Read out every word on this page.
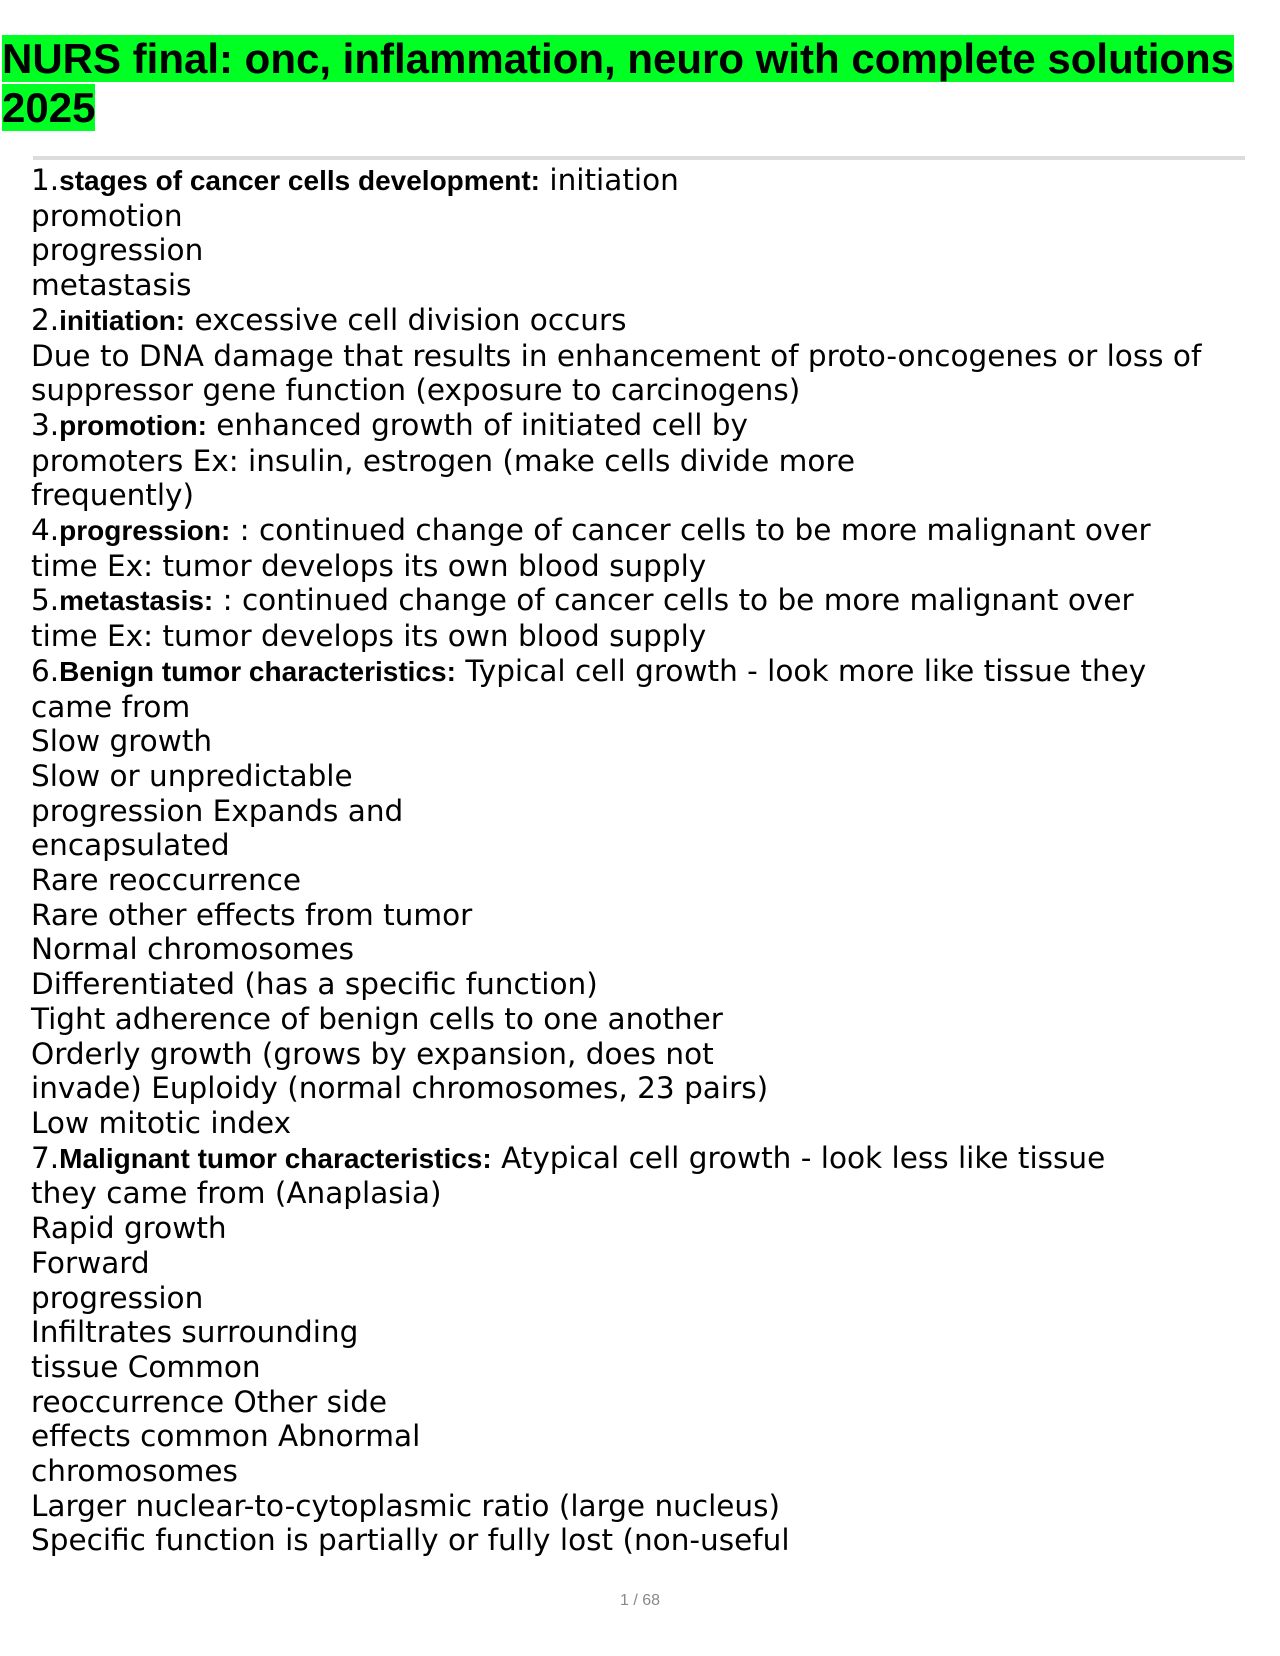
NURS final: onc, inflammation, neuro with complete solutions 2025
1.stages of cancer cells development: initiation
promotion
progression
metastasis
2.initiation: excessive cell division occurs
Due to DNA damage that results in enhancement of proto-oncogenes or loss of
suppressor gene function (exposure to carcinogens)
3.promotion: enhanced growth of initiated cell by
promoters Ex: insulin, estrogen (make cells divide more
frequently)
4.progression: : continued change of cancer cells to be more malignant over
time Ex: tumor develops its own blood supply
5.metastasis: : continued change of cancer cells to be more malignant over
time Ex: tumor develops its own blood supply
6.Benign tumor characteristics: Typical cell growth - look more like tissue they
came from
Slow growth
Slow or unpredictable
progression Expands and
encapsulated
Rare reoccurrence
Rare other effects from tumor
Normal chromosomes
Differentiated (has a specific function)
Tight adherence of benign cells to one another
Orderly growth (grows by expansion, does not
invade) Euploidy (normal chromosomes, 23 pairs)
Low mitotic index
7.Malignant tumor characteristics: Atypical cell growth - look less like tissue
they came from (Anaplasia)
Rapid growth
Forward
progression
Infiltrates surrounding
tissue Common
reoccurrence Other side
effects common Abnormal
chromosomes
Larger nuclear-to-cytoplasmic ratio (large nucleus)
Specific function is partially or fully lost (non-useful
1 / 68
